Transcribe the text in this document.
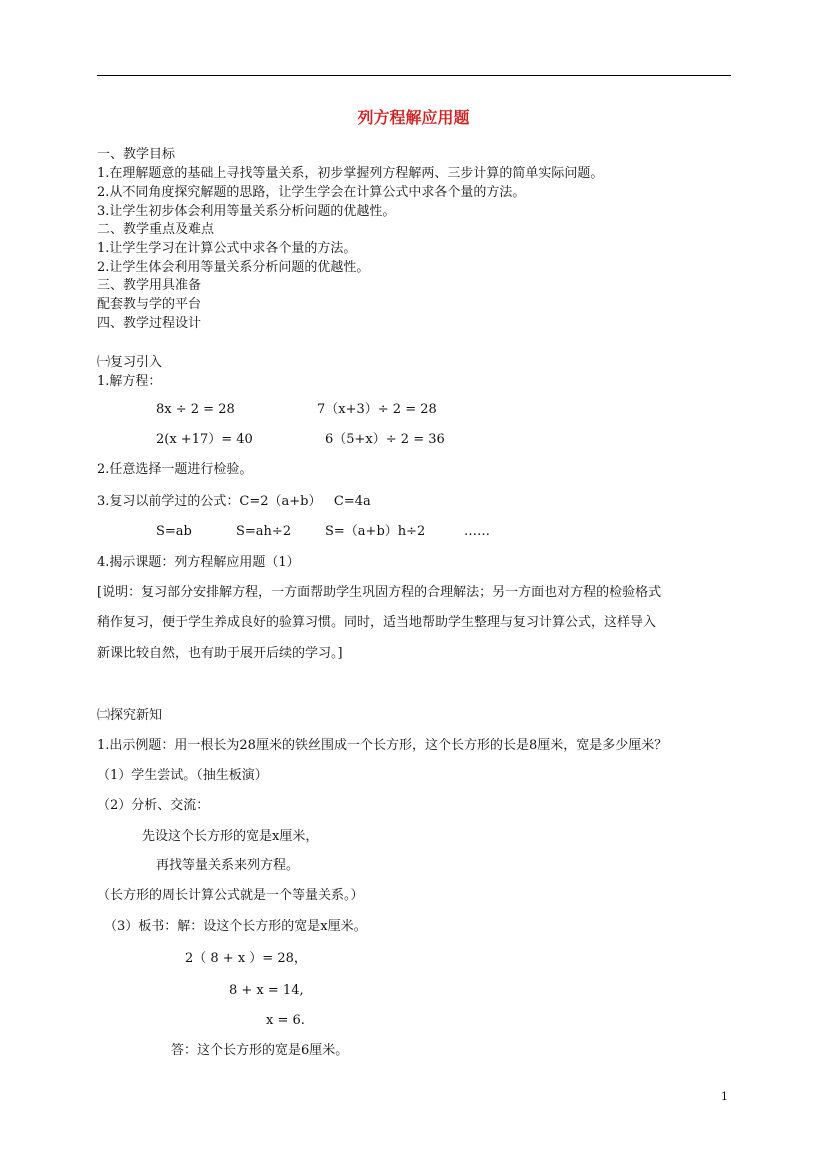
列方程解应用题
一、教学目标
1.在理解题意的基础上寻找等量关系，初步掌握列方程解两、三步计算的简单实际问题。
2.从不同角度探究解题的思路，让学生学会在计算公式中求各个量的方法。
3.让学生初步体会利用等量关系分析问题的优越性。
二、教学重点及难点
1.让学生学习在计算公式中求各个量的方法。
2.让学生体会利用等量关系分析问题的优越性。
三、教学用具准备
配套教与学的平台
四、教学过程设计
㈠复习引入
1.解方程：
8x ÷ 2 = 28	7（x+3）÷ 2 = 28
2(x +17）= 40	6（5+x）÷ 2 = 36
2.任意选择一题进行检验。
3.复习以前学过的公式：C=2（a+b）   C=4a
S=ab	S=ah÷2	S=（a+b）h÷2	……
4.揭示课题：列方程解应用题（1）
[说明：复习部分安排解方程，一方面帮助学生巩固方程的合理解法；另一方面也对方程的检验格式
稍作复习，便于学生养成良好的验算习惯。同时，适当地帮助学生整理与复习计算公式，这样导入
新课比较自然，也有助于展开后续的学习。]
㈡探究新知
1.出示例题：用一根长为28厘米的铁丝围成一个长方形，这个长方形的长是8厘米，宽是多少厘米？
（1）学生尝试。（抽生板演）
（2）分析、交流：
先设这个长方形的宽是x厘米，
再找等量关系来列方程。
（长方形的周长计算公式就是一个等量关系。）
（3）板书：解：设这个长方形的宽是x厘米。
2（ 8 + x ）= 28，
8 + x = 14,
x = 6.
答：这个长方形的宽是6厘米。
1
